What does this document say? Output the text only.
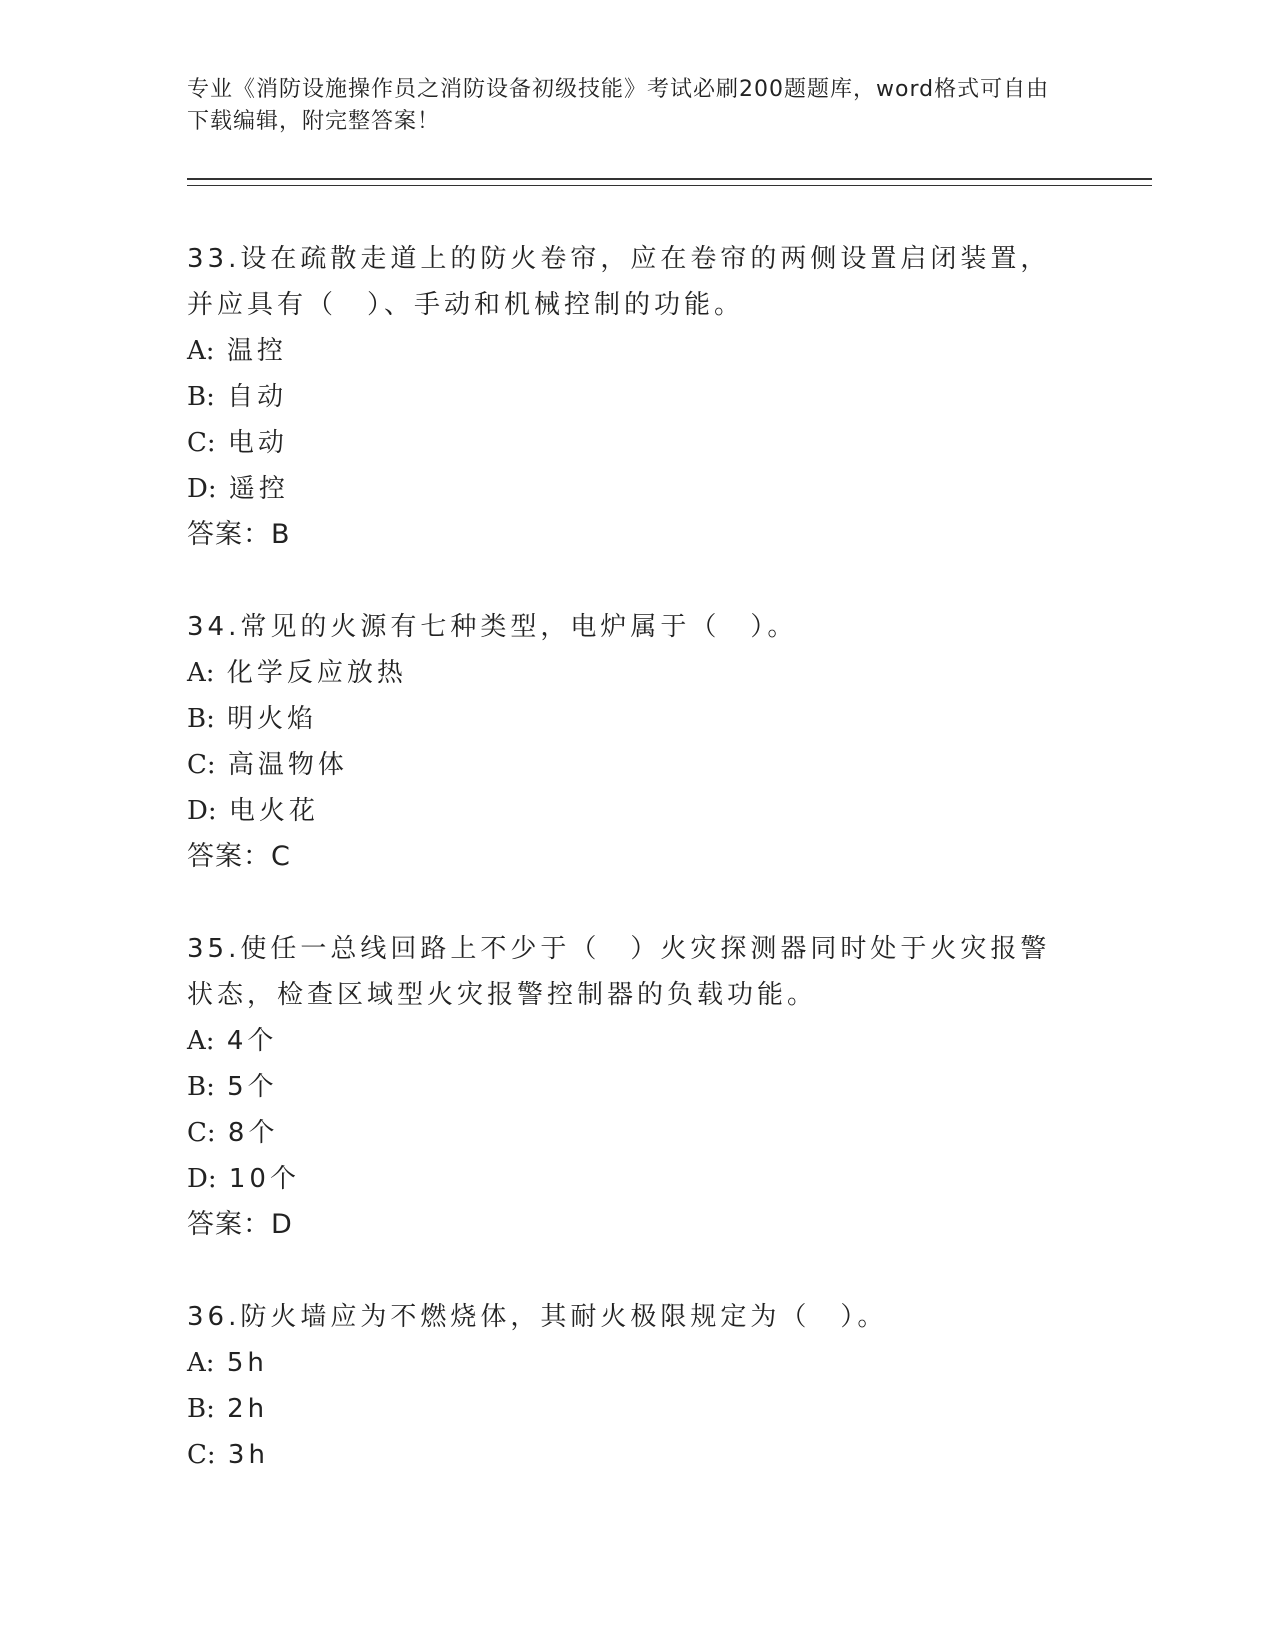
专业《消防设施操作员之消防设备初级技能》考试必刷200题题库，word格式可自由下载编辑，附完整答案！
33.设在疏散走道上的防火卷帘，应在卷帘的两侧设置启闭装置，并应具有（　）、手动和机械控制的功能。
A: 温控
B: 自动
C: 电动
D: 遥控
答案：B
34.常见的火源有七种类型，电炉属于（　）。
A: 化学反应放热
B: 明火焰
C: 高温物体
D: 电火花
答案：C
35.使任一总线回路上不少于（　）火灾探测器同时处于火灾报警状态，检查区域型火灾报警控制器的负载功能。
A: 4个
B: 5个
C: 8个
D: 10个
答案：D
36.防火墙应为不燃烧体，其耐火极限规定为（　）。
A: 5h
B: 2h
C: 3h
